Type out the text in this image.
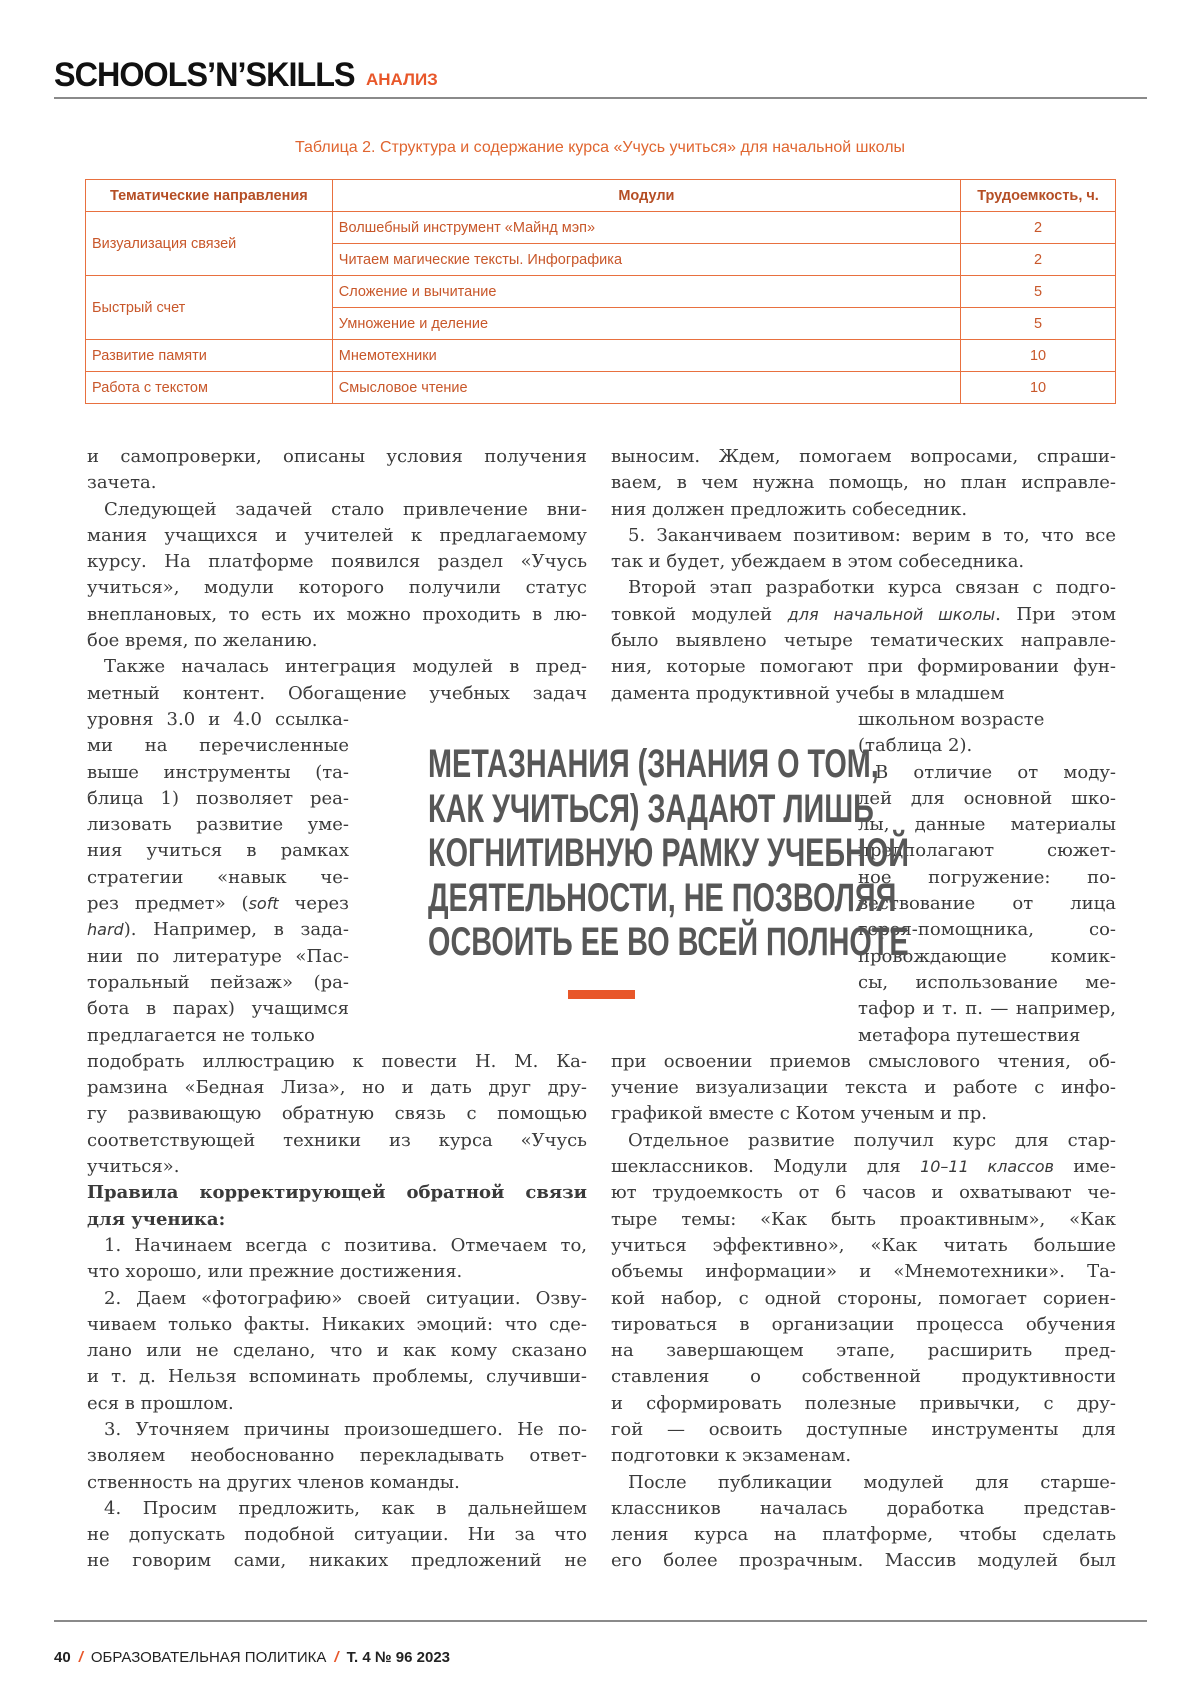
SCHOOLS’N’SKILLS АНАЛИЗ
Таблица 2. Структура и содержание курса «Учусь учиться» для начальной школы
Тематические направления	Модули	Трудоемкость, ч.
Визуализация связей	Волшебный инструмент «Майнд мэп»	2
Читаем магические тексты. Инфографика	2
Быстрый счет	Сложение и вычитание	5
Умножение и деление	5
Развитие памяти	Мнемотехники	10
Работа с текстом	Смысловое чтение	10
и самопроверки, описаны условия получения
зачета.
Следующей задачей стало привлечение вни-
мания учащихся и учителей к предлагаемому
курсу. На платформе появился раздел «Учусь
учиться», модули которого получили статус
внеплановых, то есть их можно проходить в лю-
бое время, по желанию.
Также началась интеграция модулей в пред-
метный контент. Обогащение учебных задач
уровня 3.0 и 4.0 ссылка-
ми на перечисленные
выше инструменты (та-
блица 1) позволяет реа-
лизовать развитие уме-
ния учиться в рамках
стратегии «навык че-
рез предмет» (soft через
hard). Например, в зада-
нии по литературе «Пас-
торальный пейзаж» (ра-
бота в парах) учащимся
предлагается не только
подобрать иллюстрацию к повести Н. М. Ка-
рамзина «Бедная Лиза», но и дать друг дру-
гу развивающую обратную связь с помощью
соответствующей техники из курса «Учусь
учиться».
Правила корректирующей обратной связи
для ученика:
1. Начинаем всегда с позитива. Отмечаем то,
что хорошо, или прежние достижения.
2. Даем «фотографию» своей ситуации. Озву-
чиваем только факты. Никаких эмоций: что сде-
лано или не сделано, что и как кому сказано
и т. д. Нельзя вспоминать проблемы, случивши-
еся в прошлом.
3. Уточняем причины произошедшего. Не по-
зволяем необоснованно перекладывать ответ-
ственность на других членов команды.
4. Просим предложить, как в дальнейшем
не допускать подобной ситуации. Ни за что
не говорим сами, никаких предложений не
выносим. Ждем, помогаем вопросами, спраши-
ваем, в чем нужна помощь, но план исправле-
ния должен предложить собеседник.
5. Заканчиваем позитивом: верим в то, что все
так и будет, убеждаем в этом собеседника.
Второй этап разработки курса связан с подго-
товкой модулей для начальной школы. При этом
было выявлено четыре тематических направле-
ния, которые помогают при формировании фун-
дамента продуктивной учебы в младшем
школьном возрасте
(таблица 2).
В отличие от моду-
лей для основной шко-
лы, данные материалы
предполагают сюжет-
ное погружение: по-
вествование от лица
героя-помощника, со-
провождающие комик-
сы, использование ме-
тафор и т. п. — например,
метафора путешествия
при освоении приемов смыслового чтения, об-
учение визуализации текста и работе с инфо-
графикой вместе с Котом ученым и пр.
Отдельное развитие получил курс для стар-
шеклассников. Модули для 10–11 классов име-
ют трудоемкость от 6 часов и охватывают че-
тыре темы: «Как быть проактивным», «Как
учиться эффективно», «Как читать большие
объемы информации» и «Мнемотехники». Та-
кой набор, с одной стороны, помогает сориен-
тироваться в организации процесса обучения
на завершающем этапе, расширить пред-
ставления о собственной продуктивности
и сформировать полезные привычки, с дру-
гой — освоить доступные инструменты для
подготовки к экзаменам.
После публикации модулей для старше-
классников началась доработка представ-
ления курса на платформе, чтобы сделать
его более прозрачным. Массив модулей был
МЕТАЗНАНИЯ (ЗНАНИЯ О ТОМ,
КАК УЧИТЬСЯ) ЗАДАЮТ ЛИШЬ
КОГНИТИВНУЮ РАМКУ УЧЕБНОЙ
ДЕЯТЕЛЬНОСТИ, НЕ ПОЗВОЛЯЯ
ОСВОИТЬ ЕЕ ВО ВСЕЙ ПОЛНОТЕ
40 / ОБРАЗОВАТЕЛЬНАЯ ПОЛИТИКА / Т. 4 № 96 2023
